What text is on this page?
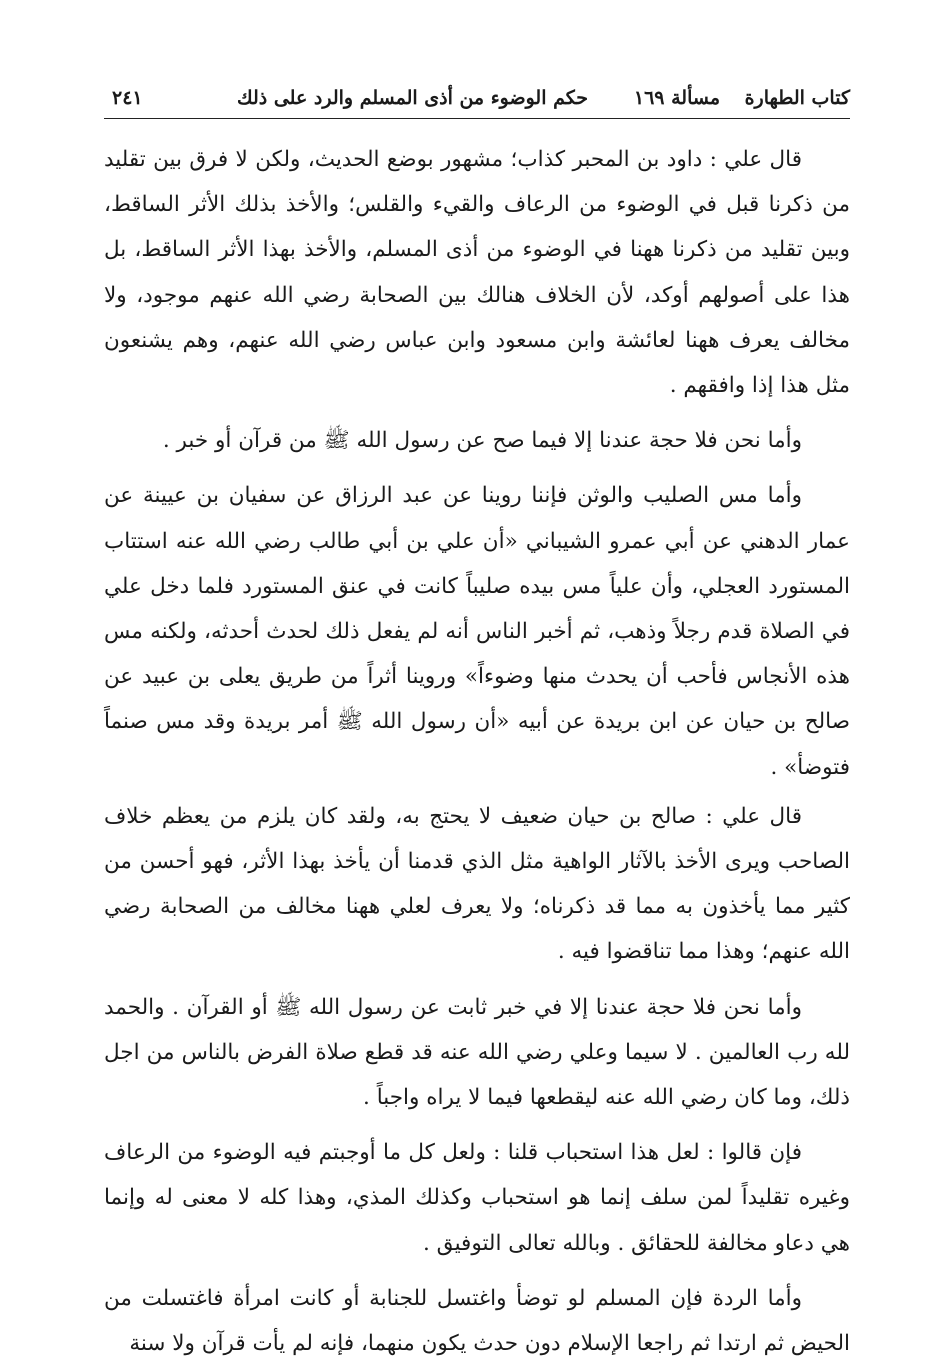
كتاب الطهارة
مسألة ١٦٩
حكم الوضوء من أذى المسلم والرد على ذلك
٢٤١

قال علي : داود بن المحبر كذاب؛ مشهور بوضع الحديث، ولكن لا فرق بين تقليد من ذكرنا قبل في الوضوء من الرعاف والقيء والقلس؛ والأخذ بذلك الأثر الساقط، وبين تقليد من ذكرنا ههنا في الوضوء من أذى المسلم، والأخذ بهذا الأثر الساقط، بل هذا على أصولهم أوكد، لأن الخلاف هنالك بين الصحابة رضي الله عنهم موجود، ولا مخالف يعرف ههنا لعائشة وابن مسعود وابن عباس رضي الله عنهم، وهم يشنعون مثل هذا إذا وافقهم .

وأما نحن فلا حجة عندنا إلا فيما صح عن رسول الله ﷺ من قرآن أو خبر .

وأما مس الصليب والوثن فإننا روينا عن عبد الرزاق عن سفيان بن عيينة عن عمار الدهني عن أبي عمرو الشيباني «أن علي بن أبي طالب رضي الله عنه استتاب المستورد العجلي، وأن علياً مس بيده صليباً كانت في عنق المستورد فلما دخل علي في الصلاة قدم رجلاً وذهب، ثم أخبر الناس أنه لم يفعل ذلك لحدث أحدثه، ولكنه مس هذه الأنجاس فأحب أن يحدث منها وضوءاً» وروينا أثراً من طريق يعلى بن عبيد عن صالح بن حيان عن ابن بريدة عن أبيه «أن رسول الله ﷺ أمر بريدة وقد مس صنماً فتوضأ» .

قال علي : صالح بن حيان ضعيف لا يحتج به، ولقد كان يلزم من يعظم خلاف الصاحب ويرى الأخذ بالآثار الواهية مثل الذي قدمنا أن يأخذ بهذا الأثر، فهو أحسن من كثير مما يأخذون به مما قد ذكرناه؛ ولا يعرف لعلي ههنا مخالف من الصحابة رضي الله عنهم؛ وهذا مما تناقضوا فيه .

وأما نحن فلا حجة عندنا إلا في خبر ثابت عن رسول الله ﷺ أو القرآن . والحمد لله رب العالمين . لا سيما وعلي رضي الله عنه قد قطع صلاة الفرض بالناس من اجل ذلك، وما كان رضي الله عنه ليقطعها فيما لا يراه واجباً .

فإن قالوا : لعل هذا استحباب قلنا : ولعل كل ما أوجبتم فيه الوضوء من الرعاف وغيره تقليداً لمن سلف إنما هو استحباب وكذلك المذي، وهذا كله لا معنى له وإنما هي دعاو مخالفة للحقائق . وبالله تعالى التوفيق .

وأما الردة فإن المسلم لو توضأ واغتسل للجنابة أو كانت امرأة فاغتسلت من الحيض ثم ارتدا ثم راجعا الإسلام دون حدث يكون منهما، فإنه لم يأت قرآن ولا سنة
